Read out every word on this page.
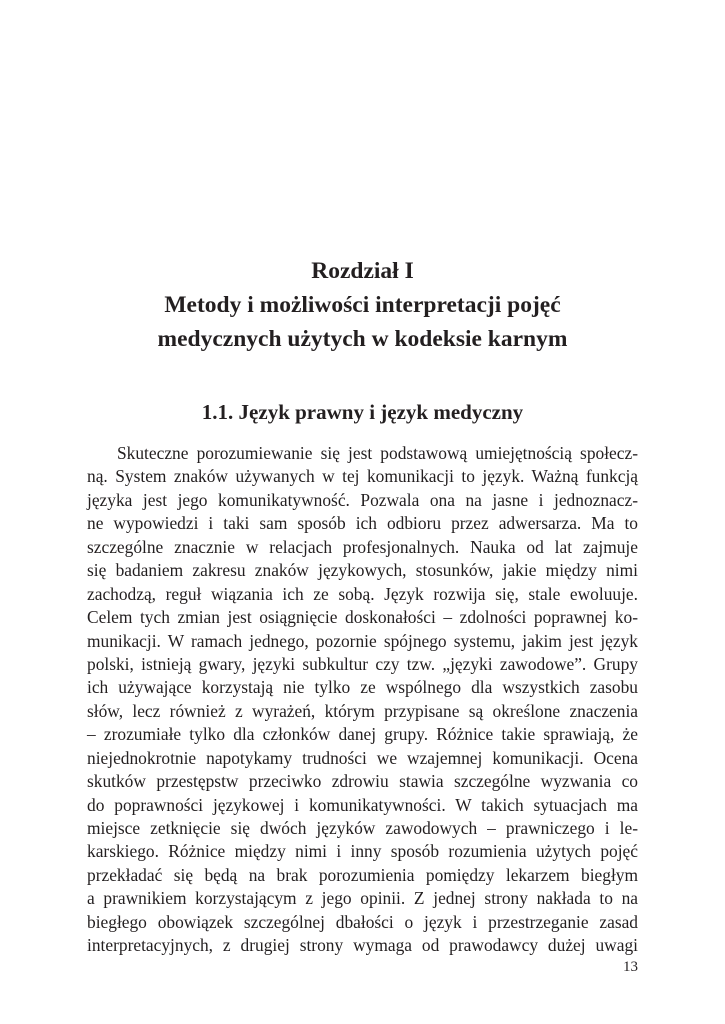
Rozdział I
Metody i możliwości interpretacji pojęć
medycznych użytych w kodeksie karnym
1.1. Język prawny i język medyczny
Skuteczne porozumiewanie się jest podstawową umiejętnością społecz-
ną. System znaków używanych w tej komunikacji to język. Ważną funkcją
języka jest jego komunikatywność. Pozwala ona na jasne i jednoznacz-
ne wypowiedzi i taki sam sposób ich odbioru przez adwersarza. Ma to
szczególne znacznie w relacjach profesjonalnych. Nauka od lat zajmuje
się badaniem zakresu znaków językowych, stosunków, jakie między nimi
zachodzą, reguł wiązania ich ze sobą. Język rozwija się, stale ewoluuje.
Celem tych zmian jest osiągnięcie doskonałości – zdolności poprawnej ko-
munikacji. W ramach jednego, pozornie spójnego systemu, jakim jest język
polski, istnieją gwary, języki subkultur czy tzw. „języki zawodowe”. Grupy
ich używające korzystają nie tylko ze wspólnego dla wszystkich zasobu
słów, lecz również z wyrażeń, którym przypisane są określone znaczenia
– zrozumiałe tylko dla członków danej grupy. Różnice takie sprawiają, że
niejednokrotnie napotykamy trudności we wzajemnej komunikacji. Ocena
skutków przestępstw przeciwko zdrowiu stawia szczególne wyzwania co
do poprawności językowej i komunikatywności. W takich sytuacjach ma
miejsce zetknięcie się dwóch języków zawodowych – prawniczego i le-
karskiego. Różnice między nimi i inny sposób rozumienia użytych pojęć
przekładać się będą na brak porozumienia pomiędzy lekarzem biegłym
a prawnikiem korzystającym z jego opinii. Z jednej strony nakłada to na
biegłego obowiązek szczególnej dbałości o język i przestrzeganie zasad
interpretacyjnych, z drugiej strony wymaga od prawodawcy dużej uwagi
13
